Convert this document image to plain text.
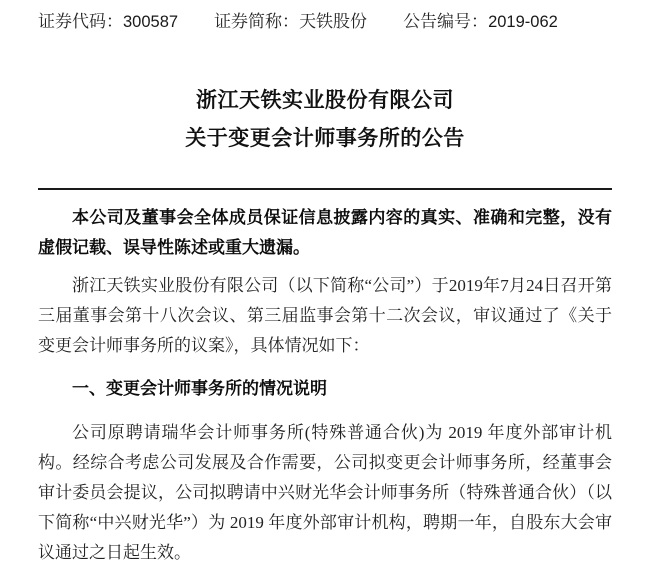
证券代码：300587 证券简称：天铁股份 公告编号：2019-062
浙江天铁实业股份有限公司
关于变更会计师事务所的公告

本公司及董事会全体成员保证信息披露内容的真实、准确和完整，没有虚假记载、误导性陈述或重大遗漏。

浙江天铁实业股份有限公司（以下简称“公司”）于2019年7月24日召开第三届董事会第十八次会议、第三届监事会第十二次会议，审议通过了《关于变更会计师事务所的议案》，具体情况如下：

一、变更会计师事务所的情况说明

公司原聘请瑞华会计师事务所(特殊普通合伙)为 2019 年度外部审计机构。经综合考虑公司发展及合作需要，公司拟变更会计师事务所，经董事会审计委员会提议，公司拟聘请中兴财光华会计师事务所（特殊普通合伙）（以下简称“中兴财光华”）为 2019 年度外部审计机构，聘期一年，自股东大会审议通过之日起生效。
